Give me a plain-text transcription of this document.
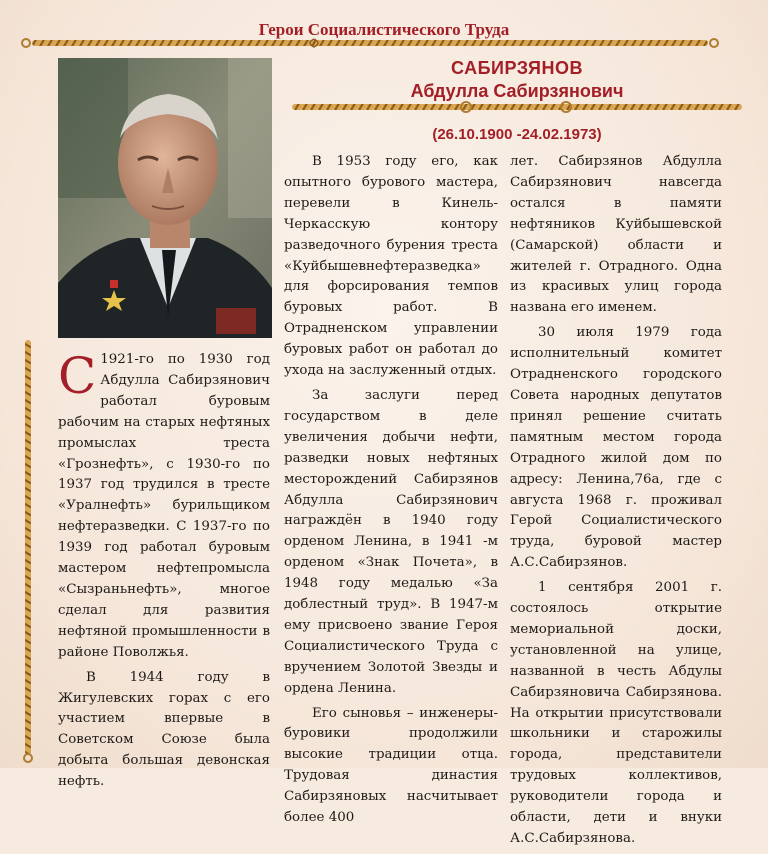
Герои Социалистического Труда
САБИРЗЯНОВ
Абдулла Сабирзянович
(26.10.1900 -24.02.1973)

С 1921-го по 1930 год Абдулла Сабирзянович работал буровым рабочим на старых нефтяных промыслах треста «Грознефть», с 1930-го по 1937 год трудился в тресте «Уралнефть» бурильщиком нефтеразведки. С 1937-го по 1939 год работал буровым мастером нефтепромысла «Сызраньнефть», многое сделал для развития нефтяной промышленности в районе Поволжья.

В 1944 году в Жигулевских горах с его участием впервые в Советском Союзе была добыта большая девонская нефть.

В 1953 году его, как опытного бурового мастера, перевели в Кинель-Черкасскую контору разведочного бурения треста «Куйбышевнефтеразведка» для форсирования темпов буровых работ. В Отрадненском управлении буровых работ он работал до ухода на заслуженный отдых.

За заслуги перед государством в деле увеличения добычи нефти, разведки новых нефтяных месторождений Сабирзянов Абдулла Сабирзянович награждён в 1940 году орденом Ленина, в 1941 -м орденом «Знак Почета», в 1948 году медалью «За доблестный труд». В 1947-м ему присвоено звание Героя Социалистического Труда с вручением Золотой Звезды и ордена Ленина.

Его сыновья – инженеры-буровики продолжили высокие традиции отца. Трудовая династия Сабирзяновых насчитывает более 400

лет. Сабирзянов Абдулла Сабирзянович навсегда остался в памяти нефтяников Куйбышевской (Самарской) области и жителей г. Отрадного. Одна из красивых улиц города названа его именем.

30 июля 1979 года исполнительный комитет Отрадненского городского Совета народных депутатов принял решение считать памятным местом города Отрадного жилой дом по адресу: Ленина,76а, где с августа 1968 г. проживал Герой Социалистического труда, буровой мастер А.С.Сабирзянов.

1 сентября 2001 г. состоялось открытие мемориальной доски, установленной на улице, названной в честь Абдулы Сабирзяновича Сабирзянова. На открытии присутствовали школьники и старожилы города, представители трудовых коллективов, руководители города и области, дети и внуки А.С.Сабирзянова.
